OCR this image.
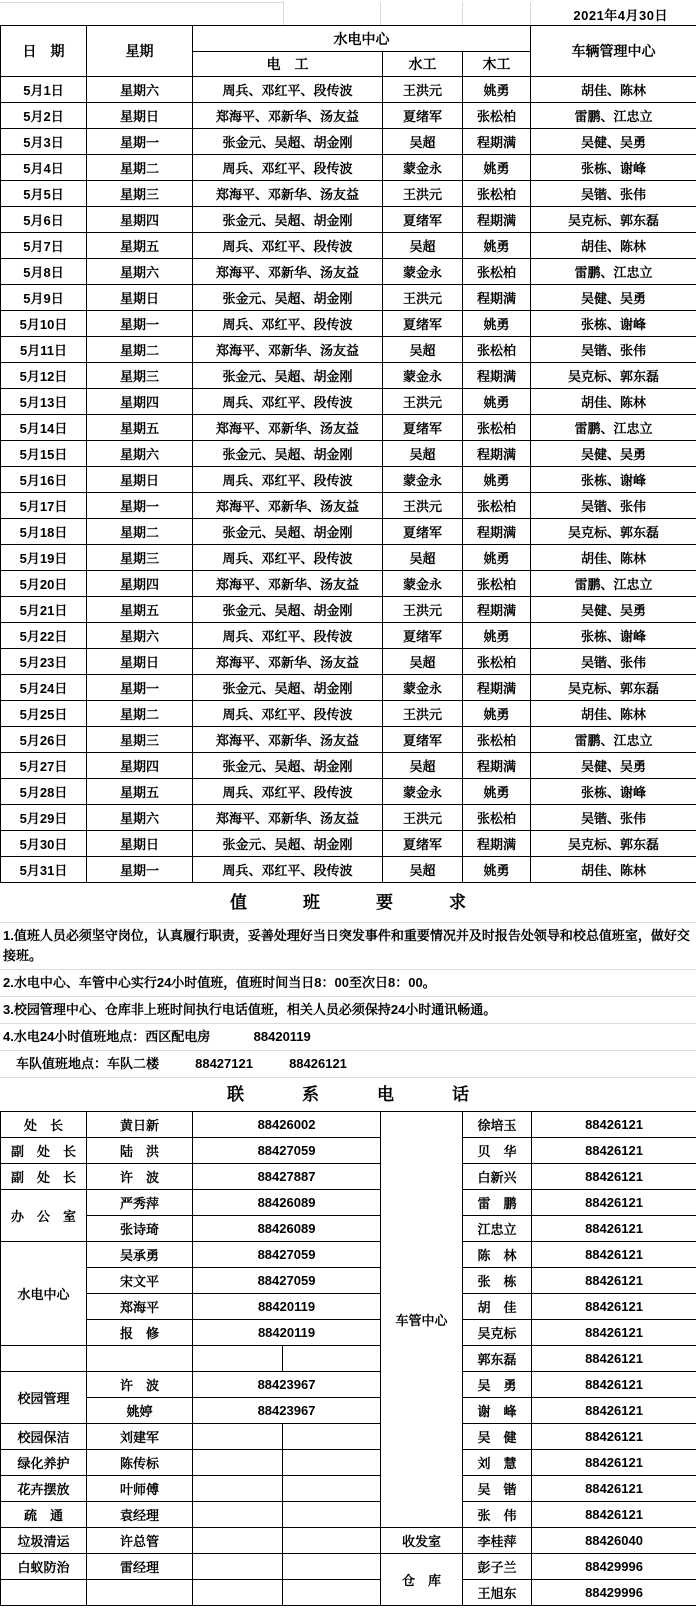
2021年4月30日
日　期	星期	水电中心			车辆管理中心
		电　工	水工	木工	
5月1日	星期六	周兵、邓红平、段传波	王洪元	姚勇	胡佳、陈林
5月2日	星期日	郑海平、邓新华、汤友益	夏绪军	张松柏	雷鹏、江忠立
5月3日	星期一	张金元、吴超、胡金刚	吴超	程期满	吴健、吴勇
5月4日	星期二	周兵、邓红平、段传波	蒙金永	姚勇	张栋、谢峰
5月5日	星期三	郑海平、邓新华、汤友益	王洪元	张松柏	吴锴、张伟
5月6日	星期四	张金元、吴超、胡金刚	夏绪军	程期满	吴克标、郭东磊
5月7日	星期五	周兵、邓红平、段传波	吴超	姚勇	胡佳、陈林
5月8日	星期六	郑海平、邓新华、汤友益	蒙金永	张松柏	雷鹏、江忠立
5月9日	星期日	张金元、吴超、胡金刚	王洪元	程期满	吴健、吴勇
5月10日	星期一	周兵、邓红平、段传波	夏绪军	姚勇	张栋、谢峰
5月11日	星期二	郑海平、邓新华、汤友益	吴超	张松柏	吴锴、张伟
5月12日	星期三	张金元、吴超、胡金刚	蒙金永	程期满	吴克标、郭东磊
5月13日	星期四	周兵、邓红平、段传波	王洪元	姚勇	胡佳、陈林
5月14日	星期五	郑海平、邓新华、汤友益	夏绪军	张松柏	雷鹏、江忠立
5月15日	星期六	张金元、吴超、胡金刚	吴超	程期满	吴健、吴勇
5月16日	星期日	周兵、邓红平、段传波	蒙金永	姚勇	张栋、谢峰
5月17日	星期一	郑海平、邓新华、汤友益	王洪元	张松柏	吴锴、张伟
5月18日	星期二	张金元、吴超、胡金刚	夏绪军	程期满	吴克标、郭东磊
5月19日	星期三	周兵、邓红平、段传波	吴超	姚勇	胡佳、陈林
5月20日	星期四	郑海平、邓新华、汤友益	蒙金永	张松柏	雷鹏、江忠立
5月21日	星期五	张金元、吴超、胡金刚	王洪元	程期满	吴健、吴勇
5月22日	星期六	周兵、邓红平、段传波	夏绪军	姚勇	张栋、谢峰
5月23日	星期日	郑海平、邓新华、汤友益	吴超	张松柏	吴锴、张伟
5月24日	星期一	张金元、吴超、胡金刚	蒙金永	程期满	吴克标、郭东磊
5月25日	星期二	周兵、邓红平、段传波	王洪元	姚勇	胡佳、陈林
5月26日	星期三	郑海平、邓新华、汤友益	夏绪军	张松柏	雷鹏、江忠立
5月27日	星期四	张金元、吴超、胡金刚	吴超	程期满	吴健、吴勇
5月28日	星期五	周兵、邓红平、段传波	蒙金永	姚勇	张栋、谢峰
5月29日	星期六	郑海平、邓新华、汤友益	王洪元	张松柏	吴锴、张伟
5月30日	星期日	张金元、吴超、胡金刚	夏绪军	程期满	吴克标、郭东磊
5月31日	星期一	周兵、邓红平、段传波	吴超	姚勇	胡佳、陈林
值班要求
1.值班人员必须坚守岗位，认真履行职责，妥善处理好当日突发事件和重要情况并及时报告处领导和校总值班室，做好交接班。
2.水电中心、车管中心实行24小时值班，值班时间当日8：00至次日8：00。
3.校园管理中心、仓库非上班时间执行电话值班，相关人员必须保持24小时通讯畅通。
4.水电24小时值班地点：西区配电房            88420119
　车队值班地点：车队二楼          88427121          88426121
联系电话
处　长	黄日新	88426002		车管中心	徐培玉	88426121
副　处　长	陆　洪	88427059			贝　华	88426121
副　处　长	许　波	88427887			白新兴	88426121
办　公　室	严秀萍	88426089			雷　鹏	88426121
	张诗琦	88426089			江忠立	88426121
水电中心	吴承勇	88427059			陈　林	88426121
	宋文平	88427059			张　栋	88426121
	郑海平	88420119			胡　佳	88426121
	报　修	88420119			吴克标	88426121
					郭东磊	88426121
校园管理	许　波	88423967			吴　勇	88426121
	姚婷	88423967			谢　峰	88426121
校园保洁	刘建军				吴　健	88426121
绿化养护	陈传标				刘　慧	88426121
花卉摆放	叶师傅				吴　锴	88426121
疏　通	袁经理				张　伟	88426121
垃圾清运	许总管			收发室	李桂萍	88426040
白蚁防治	雷经理			仓　库	彭子兰	88429996
					王旭东	88429996
